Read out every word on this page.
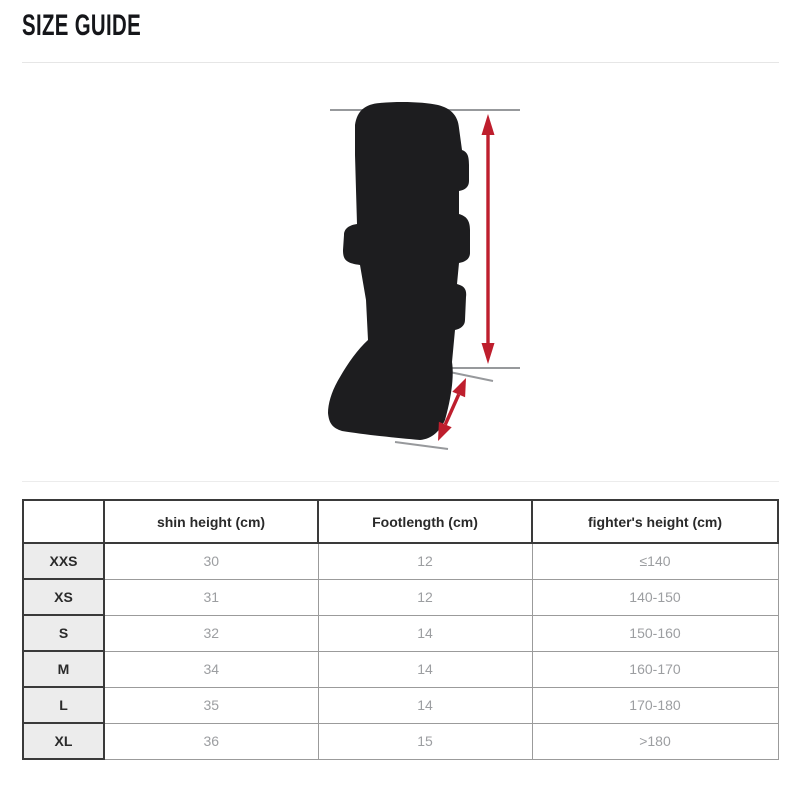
SIZE GUIDE
	shin height (cm)	Footlength (cm)	fighter's height (cm)
XXS	30	12	≤140
XS	31	12	140-150
S	32	14	150-160
M	34	14	160-170
L	35	14	170-180
XL	36	15	>180
